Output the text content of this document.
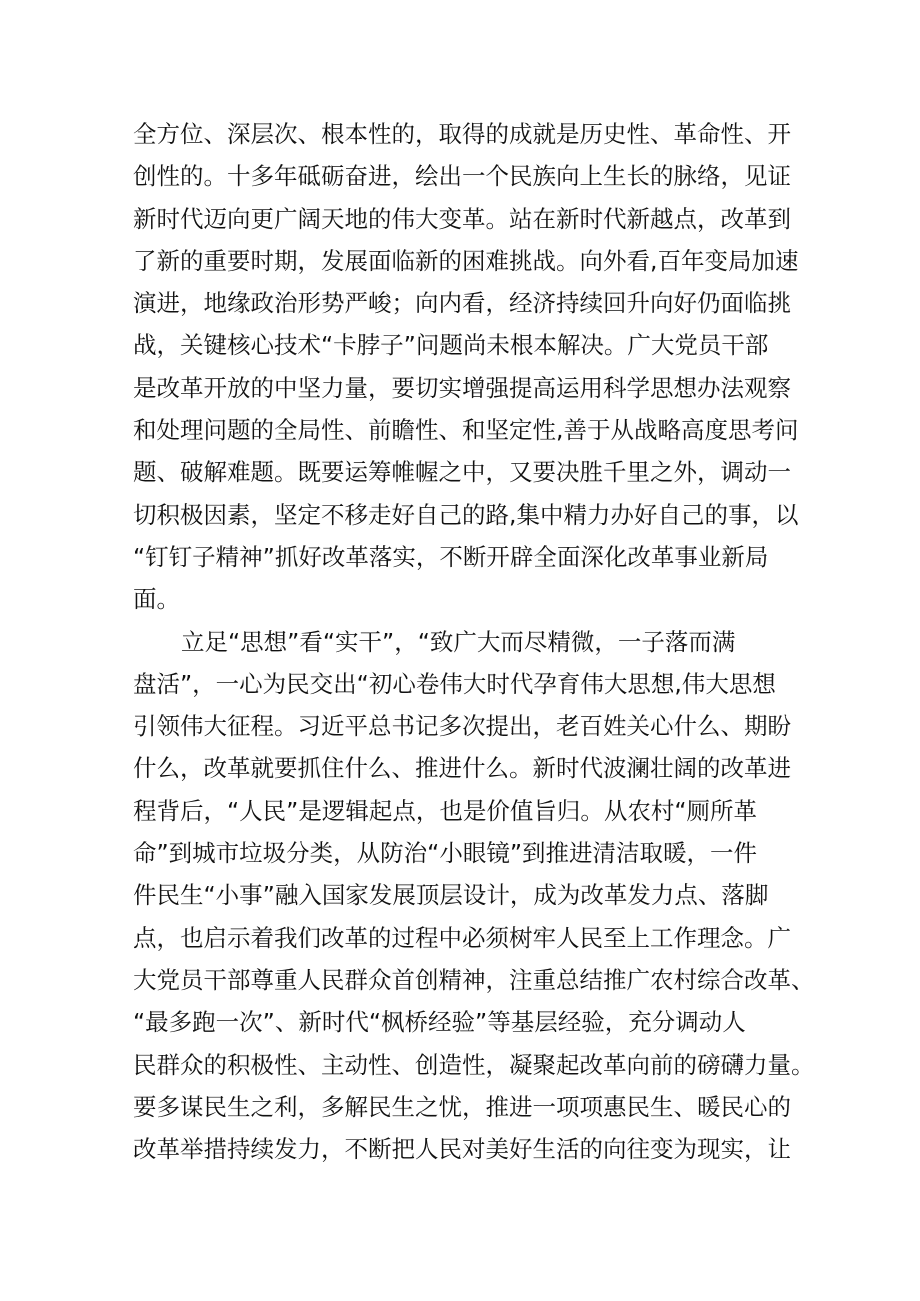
全方位、深层次、根本性的，取得的成就是历史性、革命性、开
创性的。十多年砥砺奋进，绘出一个民族向上生长的脉络，见证
新时代迈向更广阔天地的伟大变革。站在新时代新越点，改革到
了新的重要时期，发展面临新的困难挑战。向外看,百年变局加速
演进，地缘政治形势严峻；向内看，经济持续回升向好仍面临挑
战，关键核心技术“卡脖子”问题尚未根本解决。广大党员干部
是改革开放的中坚力量，要切实增强提高运用科学思想办法观察
和处理问题的全局性、前瞻性、和坚定性,善于从战略高度思考问
题、破解难题。既要运筹帷幄之中，又要决胜千里之外，调动一
切积极因素，坚定不移走好自己的路,集中精力办好自己的事，以
“钉钉子精神”抓好改革落实，不断开辟全面深化改革事业新局
面。
立足“思想”看“实干”，“致广大而尽精微，一子落而满
盘活”，一心为民交出“初心卷伟大时代孕育伟大思想,伟大思想
引领伟大征程。习近平总书记多次提出，老百姓关心什么、期盼
什么，改革就要抓住什么、推进什么。新时代波澜壮阔的改革进
程背后，“人民”是逻辑起点，也是价值旨归。从农村“厕所革
命”到城市垃圾分类，从防治“小眼镜”到推进清洁取暖，一件
件民生“小事”融入国家发展顶层设计，成为改革发力点、落脚
点，也启示着我们改革的过程中必须树牢人民至上工作理念。广
大党员干部尊重人民群众首创精神，注重总结推广农村综合改革、
“最多跑一次”、新时代“枫桥经验”等基层经验，充分调动人
民群众的积极性、主动性、创造性，凝聚起改革向前的磅礴力量。
要多谋民生之利，多解民生之忧，推进一项项惠民生、暖民心的
改革举措持续发力，不断把人民对美好生活的向往变为现实，让
